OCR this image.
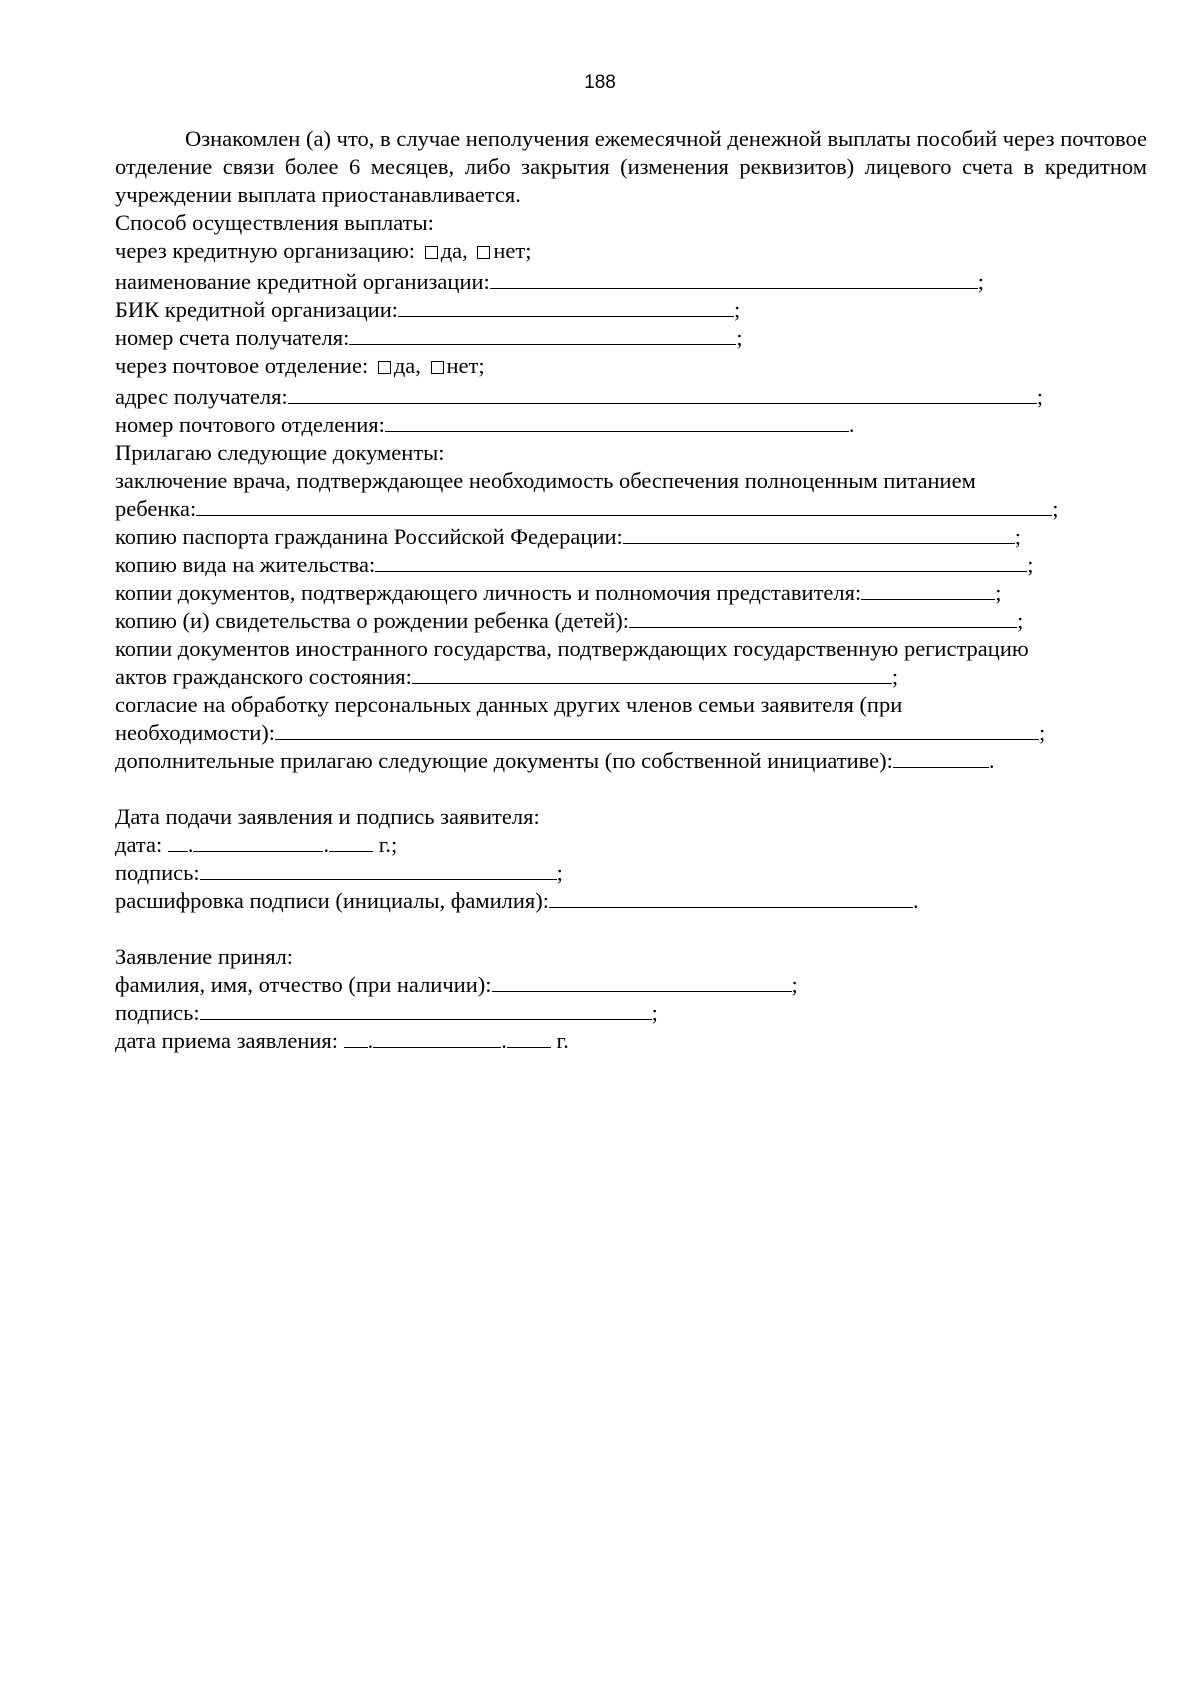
188

Ознакомлен (а) что, в случае неполучения ежемесячной денежной выплаты пособий через почтовое отделение связи более 6 месяцев, либо закрытия (изменения реквизитов) лицевого счета в кредитном учреждении выплата приостанавливается.

Способ осуществления выплаты:
через кредитную организацию: да, нет;
наименование кредитной организации:	;
БИК кредитной организации:	;
номер счета получателя:	;
через почтовое отделение: да, нет;
адрес получателя:	;
номер почтового отделения:	.
Прилагаю следующие документы:
заключение врача, подтверждающее необходимость обеспечения полноценным питанием
ребенка:	;
копию паспорта гражданина Российской Федерации:	;
копию вида на жительства:	;
копии документов, подтверждающего личность и полномочия представителя:	;
копию (и) свидетельства о рождении ребенка (детей):	;
копии документов иностранного государства, подтверждающих государственную регистрацию
актов гражданского состояния:	;
согласие на обработку персональных данных других членов семьи заявителя (при
необходимости):	;
дополнительные прилагаю следующие документы (по собственной инициативе):	.
Дата подачи заявления и подпись заявителя:
дата: .	. г.;
подпись:	;
расшифровка подписи (инициалы, фамилия):	.
Заявление принял:
фамилия, имя, отчество (при наличии):	;
подпись:	;
дата приема заявления: .	. г.
